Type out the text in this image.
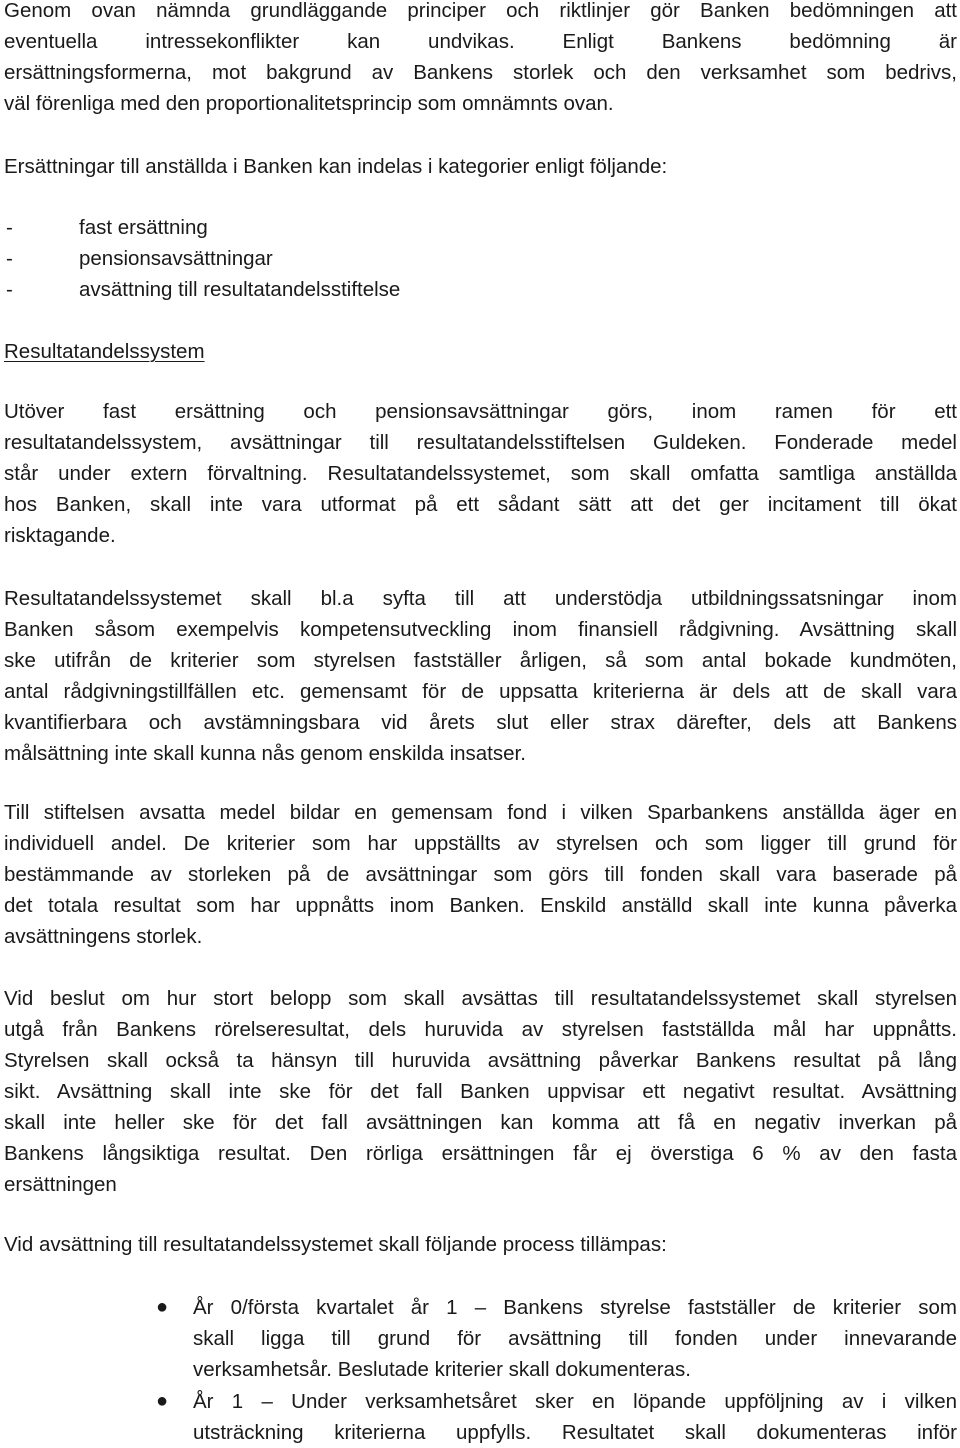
Genom ovan nämnda grundläggande principer och riktlinjer gör Banken bedömningen att
eventuella intressekonflikter kan undvikas. Enligt Bankens bedömning är
ersättningsformerna, mot bakgrund av Bankens storlek och den verksamhet som bedrivs,
väl förenliga med den proportionalitetsprincip som omnämnts ovan.
Ersättningar till anställda i Banken kan indelas i kategorier enligt följande:
-	fast ersättning
-	pensionsavsättningar
-	avsättning till resultatandelsstiftelse
Resultatandelssystem
Utöver fast ersättning och pensionsavsättningar görs, inom ramen för ett
resultatandelssystem, avsättningar till resultatandelsstiftelsen Guldeken. Fonderade medel
står under extern förvaltning. Resultatandelssystemet, som skall omfatta samtliga anställda
hos Banken, skall inte vara utformat på ett sådant sätt att det ger incitament till ökat
risktagande.
Resultatandelssystemet skall bl.a syfta till att understödja utbildningssatsningar inom
Banken såsom exempelvis kompetensutveckling inom finansiell rådgivning. Avsättning skall
ske utifrån de kriterier som styrelsen fastställer årligen, så som antal bokade kundmöten,
antal rådgivningstillfällen etc. gemensamt för de uppsatta kriterierna är dels att de skall vara
kvantifierbara och avstämningsbara vid årets slut eller strax därefter, dels att Bankens
målsättning inte skall kunna nås genom enskilda insatser.
Till stiftelsen avsatta medel bildar en gemensam fond i vilken Sparbankens anställda äger en
individuell andel. De kriterier som har uppställts av styrelsen och som ligger till grund för
bestämmande av storleken på de avsättningar som görs till fonden skall vara baserade på
det totala resultat som har uppnåtts inom Banken. Enskild anställd skall inte kunna påverka
avsättningens storlek.
Vid beslut om hur stort belopp som skall avsättas till resultatandelssystemet skall styrelsen
utgå från Bankens rörelseresultat, dels huruvida av styrelsen fastställda mål har uppnåtts.
Styrelsen skall också ta hänsyn till huruvida avsättning påverkar Bankens resultat på lång
sikt. Avsättning skall inte ske för det fall Banken uppvisar ett negativt resultat. Avsättning
skall inte heller ske för det fall avsättningen kan komma att få en negativ inverkan på
Bankens långsiktiga resultat. Den rörliga ersättningen får ej överstiga 6 % av den fasta
ersättningen
Vid avsättning till resultatandelssystemet skall följande process tillämpas:
● År 0/första kvartalet år 1 – Bankens styrelse fastställer de kriterier som
skall ligga till grund för avsättning till fonden under innevarande
verksamhetsår. Beslutade kriterier skall dokumenteras.
● År 1 – Under verksamhetsåret sker en löpande uppföljning av i vilken
utsträckning kriterierna uppfylls. Resultatet skall dokumenteras inför
